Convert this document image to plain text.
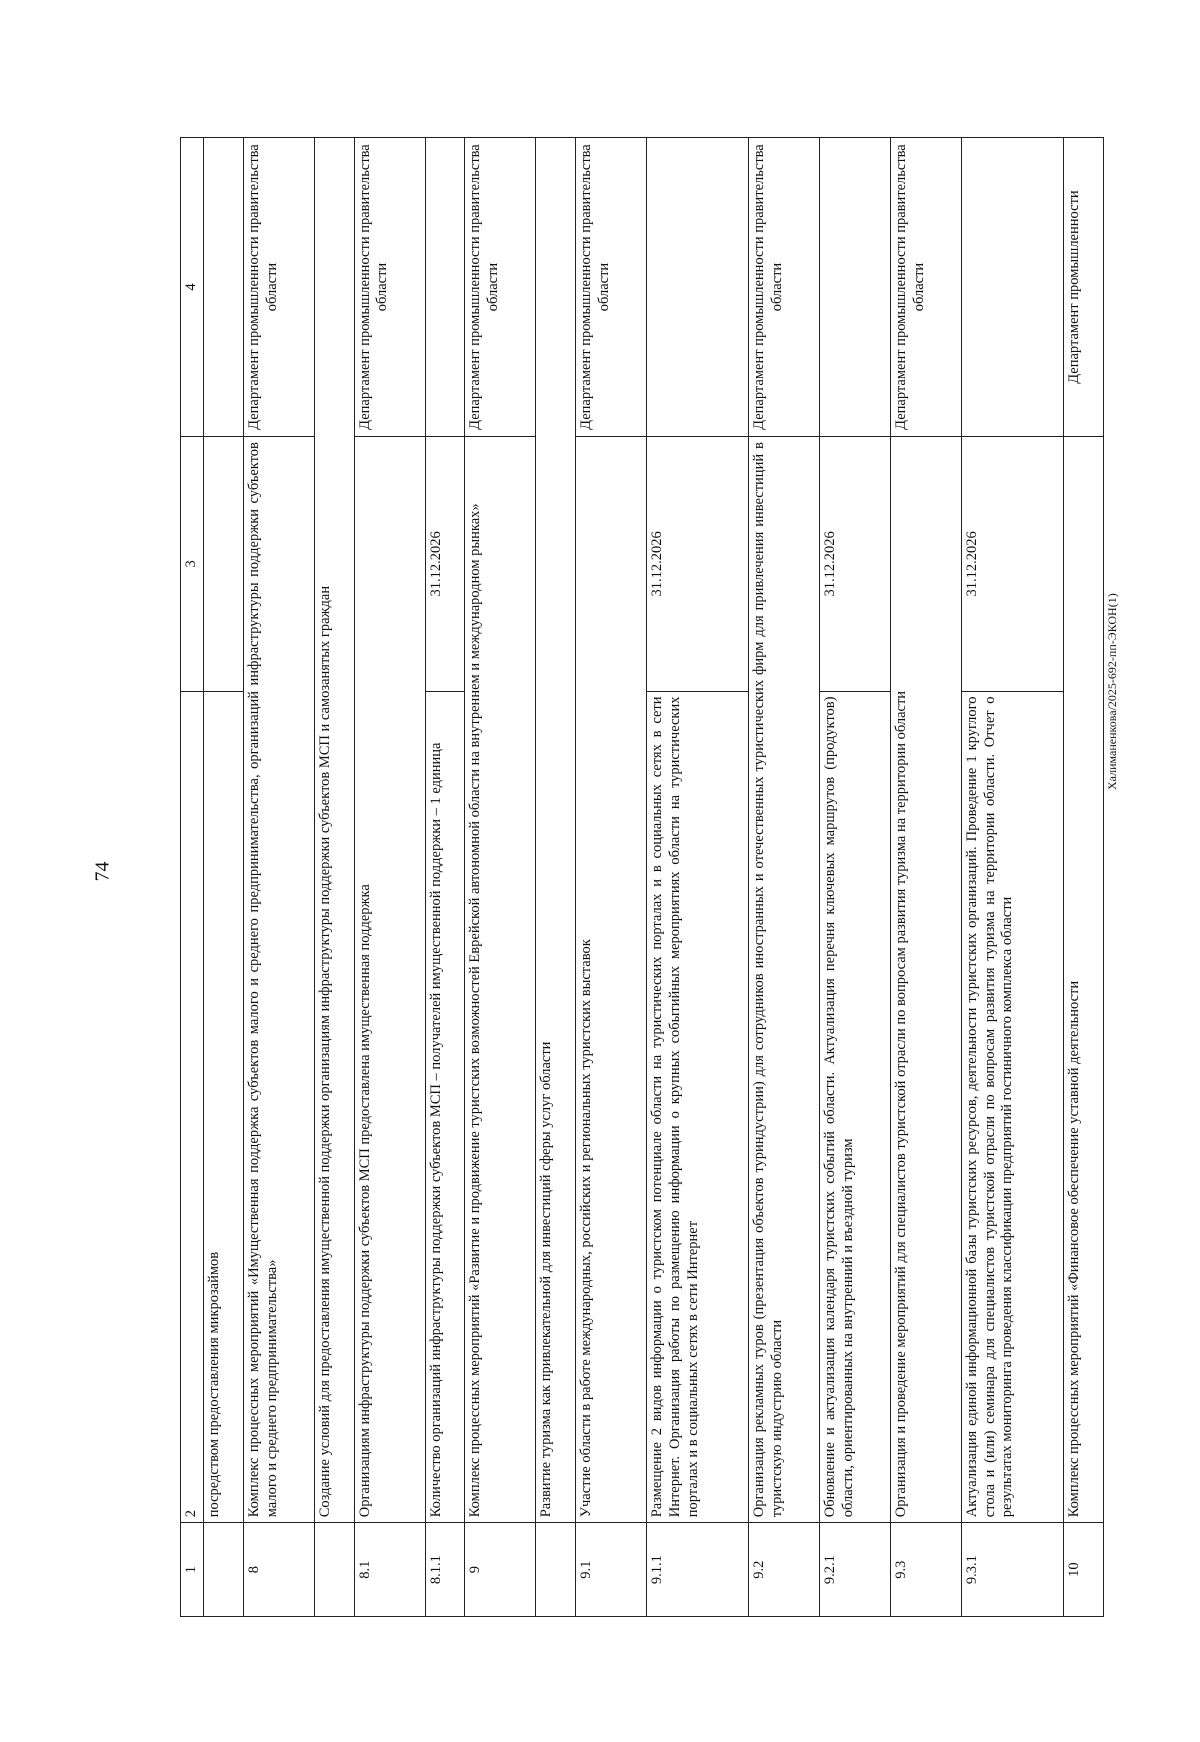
74
1	2	3	4
	посредством предоставления микрозаймов		
8	Комплекс процессных мероприятий «Имущественная поддержка субъектов малого и среднего предпринимательства, организаций инфраструктуры поддержки субъектов малого и среднего предпринимательства»		Департамент промышленности правительства области
	Создание условий для предоставления имущественной поддержки организациям инфраструктуры поддержки субъектов МСП и самозанятых граждан		
8.1	Организациям инфраструктуры поддержки субъектов МСП предоставлена имущественная поддержка		Департамент промышленности правительства области
8.1.1	Количество организаций инфраструктуры поддержки субъектов МСП – получателей имущественной поддержки – 1 единица	31.12.2026	
9	Комплекс процессных мероприятий «Развитие и продвижение туристских возможностей Еврейской автономной области на внутреннем и международном рынках»		Департамент промышленности правительства области
	Развитие туризма как привлекательной для инвестиций сферы услуг области		
9.1	Участие области в работе международных, российских и региональных туристских выставок		Департамент промышленности правительства области
9.1.1	Размещение 2 видов информации о туристском потенциале области на туристических порталах и в социальных сетях в сети Интернет. Организация работы по размещению информации о крупных событийных мероприятиях области на туристических порталах и в социальных сетях в сети Интернет	31.12.2026	
9.2	Организация рекламных туров (презентация объектов туриндустрии) для сотрудников иностранных и отечественных туристических фирм для привлечения инвестиций в туристскую индустрию области		Департамент промышленности правительства области
9.2.1	Обновление и актуализация календаря туристских событий области. Актуализация перечня ключевых маршрутов (продуктов) области, ориентированных на внутренний и въездной туризм	31.12.2026	
9.3	Организация и проведение мероприятий для специалистов туристской отрасли по вопросам развития туризма на территории области		Департамент промышленности правительства области
9.3.1	Актуализация единой информационной базы туристских ресурсов, деятельности туристских организаций. Проведение 1 круглого стола и (или) семинара для специалистов туристской отрасли по вопросам развития туризма на территории области. Отчет о результатах мониторинга проведения классификации предприятий гостиничного комплекса области	31.12.2026	
10	Комплекс процессных мероприятий «Финансовое обеспечение уставной деятельности		Департамент промышленности
Халиманенкова/2025-692-пп-ЭКОН(1)
